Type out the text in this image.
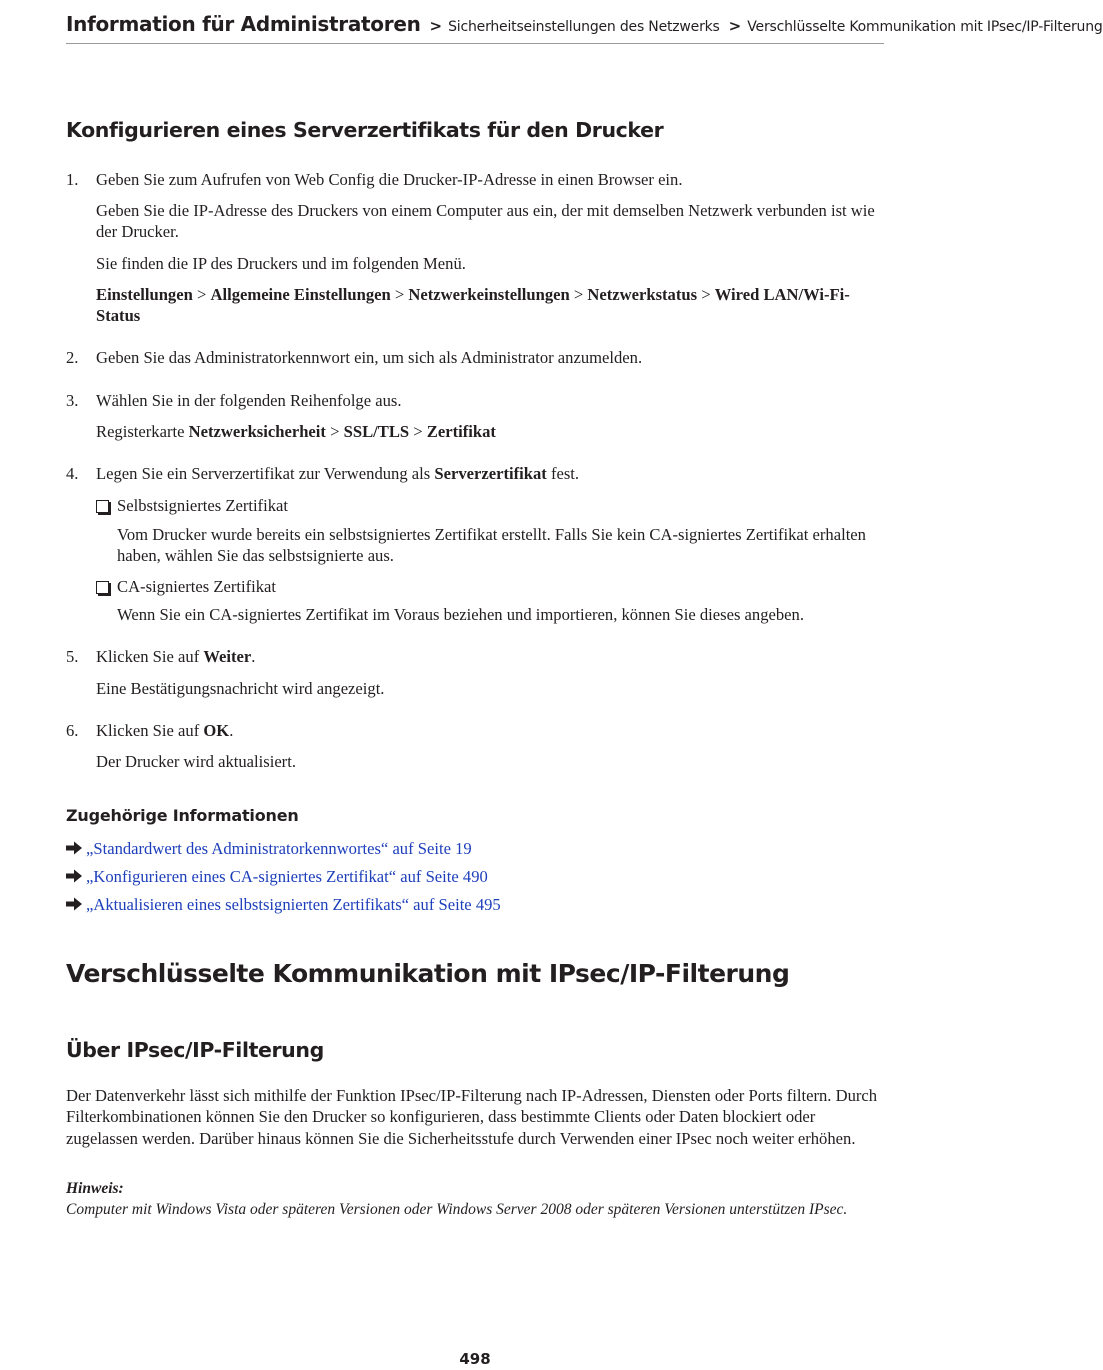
Information für Administratoren > Sicherheitseinstellungen des Netzwerks > Verschlüsselte Kommunikation mit IPsec/IP-Filterung
Konfigurieren eines Serverzertifikats für den Drucker
1. Geben Sie zum Aufrufen von Web Config die Drucker-IP-Adresse in einen Browser ein.
Geben Sie die IP-Adresse des Druckers von einem Computer aus ein, der mit demselben Netzwerk verbunden ist wie der Drucker.
Sie finden die IP des Druckers und im folgenden Menü.
Einstellungen > Allgemeine Einstellungen > Netzwerkeinstellungen > Netzwerkstatus > Wired LAN/Wi-Fi-Status
2. Geben Sie das Administratorkennwort ein, um sich als Administrator anzumelden.
3. Wählen Sie in der folgenden Reihenfolge aus.
Registerkarte Netzwerksicherheit > SSL/TLS > Zertifikat
4. Legen Sie ein Serverzertifikat zur Verwendung als Serverzertifikat fest.
Selbstsigniertes Zertifikat
Vom Drucker wurde bereits ein selbstsigniertes Zertifikat erstellt. Falls Sie kein CA-signiertes Zertifikat erhalten haben, wählen Sie das selbstsignierte aus.
CA-signiertes Zertifikat
Wenn Sie ein CA-signiertes Zertifikat im Voraus beziehen und importieren, können Sie dieses angeben.
5. Klicken Sie auf Weiter.
Eine Bestätigungsnachricht wird angezeigt.
6. Klicken Sie auf OK.
Der Drucker wird aktualisiert.
Zugehörige Informationen
„Standardwert des Administratorkennwortes“ auf Seite 19
„Konfigurieren eines CA-signiertes Zertifikat“ auf Seite 490
„Aktualisieren eines selbstsignierten Zertifikats“ auf Seite 495
Verschlüsselte Kommunikation mit IPsec/IP-Filterung
Über IPsec/IP-Filterung
Der Datenverkehr lässt sich mithilfe der Funktion IPsec/IP-Filterung nach IP-Adressen, Diensten oder Ports filtern. Durch Filterkombinationen können Sie den Drucker so konfigurieren, dass bestimmte Clients oder Daten blockiert oder zugelassen werden. Darüber hinaus können Sie die Sicherheitsstufe durch Verwenden einer IPsec noch weiter erhöhen.
Hinweis:
Computer mit Windows Vista oder späteren Versionen oder Windows Server 2008 oder späteren Versionen unterstützen IPsec.
498
